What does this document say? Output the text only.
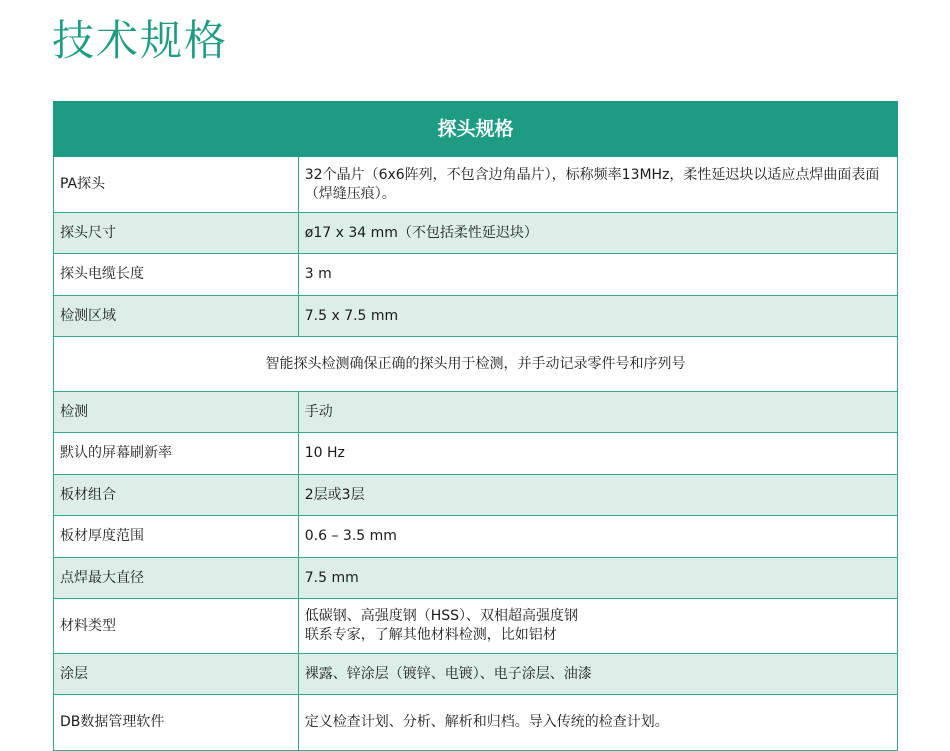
技术规格
探头规格	
PA探头	32个晶片（6x6阵列，不包含边角晶片），标称频率13MHz，柔性延迟块以适应点焊曲面表面（焊缝压痕）。
探头尺寸	ø17 x 34 mm（不包括柔性延迟块）
探头电缆长度	3 m
检测区域	7.5 x 7.5 mm
智能探头检测确保正确的探头用于检测，并手动记录零件号和序列号	
检测	手动
默认的屏幕刷新率	10 Hz
板材组合	2层或3层
板材厚度范围	0.6 – 3.5 mm
点焊最大直径	7.5 mm
材料类型	低碳钢、高强度钢（HSS）、双相超高强度钢
联系专家，了解其他材料检测，比如铝材

涂层	裸露、锌涂层（镀锌、电镀）、电子涂层、油漆
DB数据管理软件	定义检查计划、分析、解析和归档。导入传统的检查计划。
